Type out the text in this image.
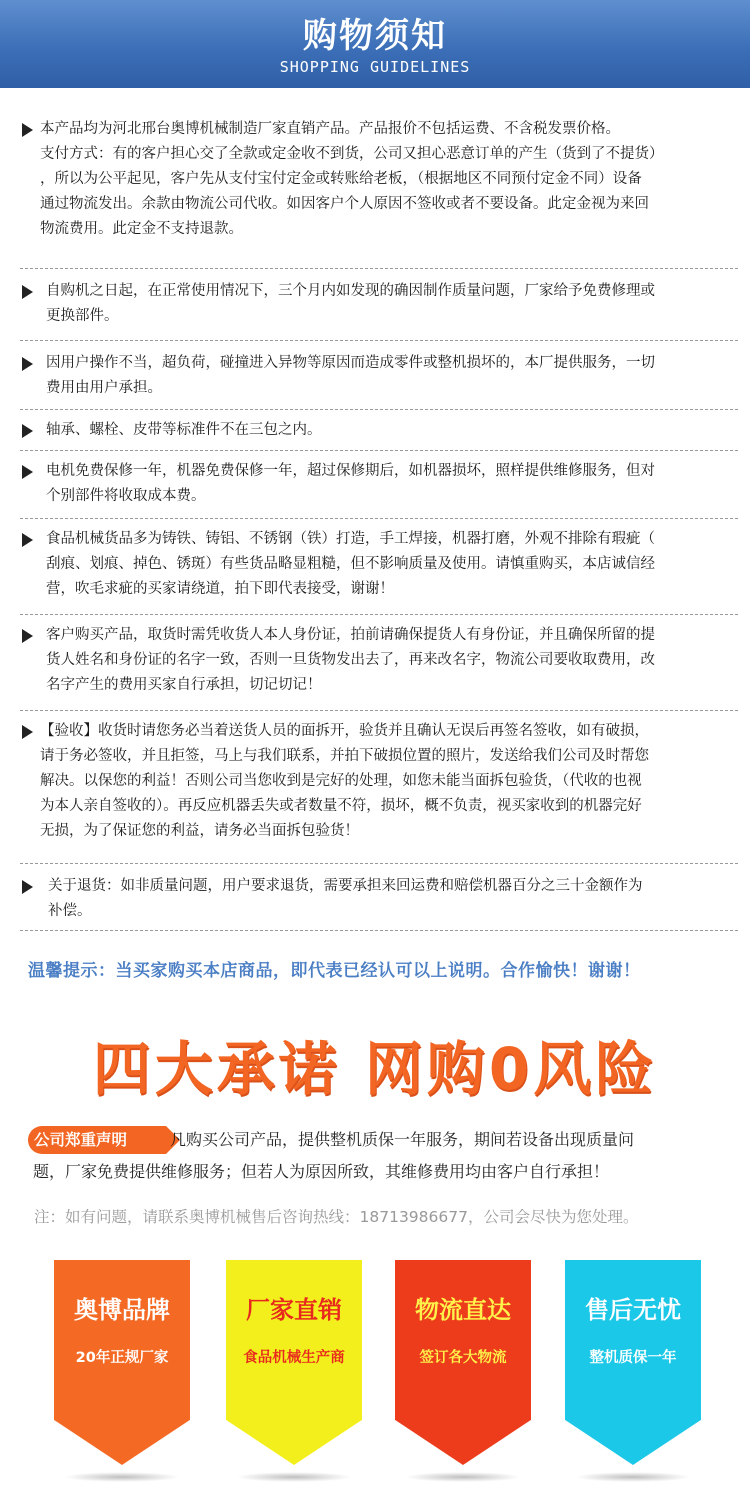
购物须知
SHOPPING GUIDELINES
本产品均为河北邢台奥博机械制造厂家直销产品。产品报价不包括运费、不含税发票价格。
支付方式：有的客户担心交了全款或定金收不到货，公司又担心恶意订单的产生（货到了不提货）
，所以为公平起见，客户先从支付宝付定金或转账给老板，（根据地区不同预付定金不同）设备
通过物流发出。余款由物流公司代收。如因客户个人原因不签收或者不要设备。此定金视为来回
物流费用。此定金不支持退款。
自购机之日起，在正常使用情况下，三个月内如发现的确因制作质量问题，厂家给予免费修理或
更换部件。
因用户操作不当，超负荷，碰撞进入异物等原因而造成零件或整机损坏的，本厂提供服务，一切
费用由用户承担。
轴承、螺栓、皮带等标准件不在三包之内。
电机免费保修一年，机器免费保修一年，超过保修期后，如机器损坏，照样提供维修服务，但对
个别部件将收取成本费。
食品机械货品多为铸铁、铸铝、不锈钢（铁）打造，手工焊接，机器打磨，外观不排除有瑕疵（
刮痕、划痕、掉色、锈斑）有些货品略显粗糙，但不影响质量及使用。请慎重购买，本店诚信经
营，吹毛求疵的买家请绕道，拍下即代表接受，谢谢！
客户购买产品，取货时需凭收货人本人身份证，拍前请确保提货人有身份证，并且确保所留的提
货人姓名和身份证的名字一致，否则一旦货物发出去了，再来改名字，物流公司要收取费用，改
名字产生的费用买家自行承担，切记切记！
【验收】收货时请您务必当着送货人员的面拆开，验货并且确认无误后再签名签收，如有破损，
请于务必签收，并且拒签，马上与我们联系，并拍下破损位置的照片，发送给我们公司及时帮您
解决。以保您的利益！否则公司当您收到是完好的处理，如您未能当面拆包验货，（代收的也视
为本人亲自签收的）。再反应机器丢失或者数量不符，损坏，概不负责，视买家收到的机器完好
无损，为了保证您的利益，请务必当面拆包验货！
关于退货：如非质量问题，用户要求退货，需要承担来回运费和赔偿机器百分之三十金额作为
补偿。
温馨提示：当买家购买本店商品，即代表已经认可以上说明。合作愉快！谢谢！
四大承诺 网购0风险
公司郑重声明	凡购买公司产品，提供整机质保一年服务，期间若设备出现质量问
题，厂家免费提供维修服务；但若人为原因所致，其维修费用均由客户自行承担！
注：如有问题，请联系奥博机械售后咨询热线：18713986677，公司会尽快为您处理。
奥博品牌
20年正规厂家
厂家直销
食品机械生产商
物流直达
签订各大物流
售后无忧
整机质保一年
